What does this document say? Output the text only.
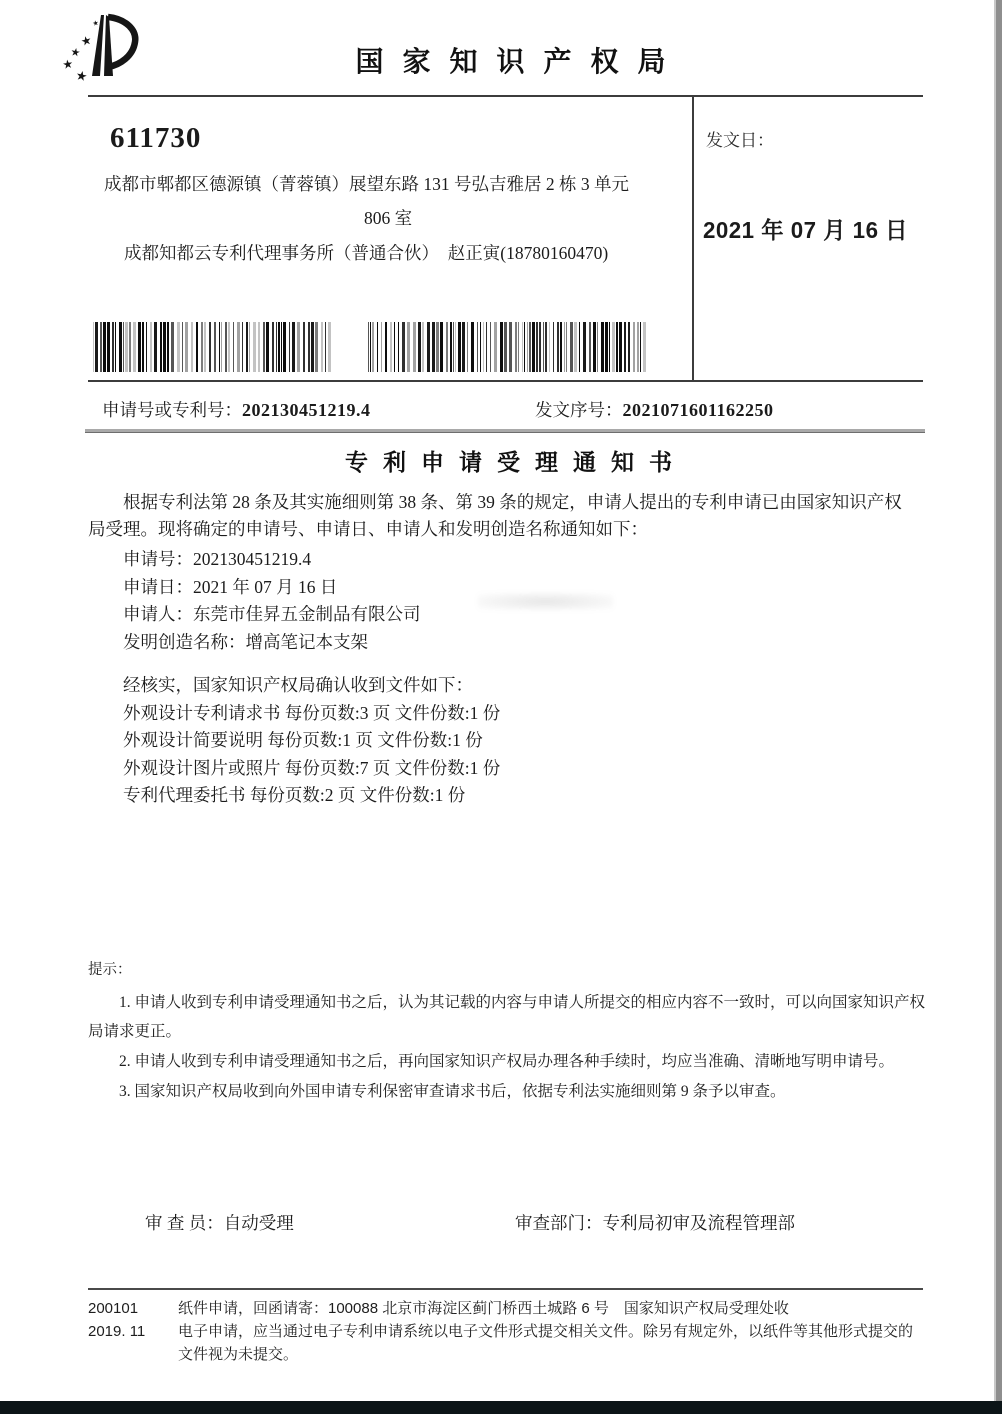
★
★
★
★
★	国家知识产权局
611730
成都市郫都区德源镇（菁蓉镇）展望东路 131 号弘吉雅居 2 栋 3 单元
806 室
成都知都云专利代理事务所（普通合伙）  赵正寅(18780160470)
发文日：
2021 年 07 月 16 日
申请号或专利号：202130451219.4	发文序号：2021071601162250
专利申请受理通知书
根据专利法第 28 条及其实施细则第 38 条、第 39 条的规定，申请人提出的专利申请已由国家知识产权局受理。现将确定的申请号、申请日、申请人和发明创造名称通知如下：
申请号：202130451219.4
申请日：2021 年 07 月 16 日
申请人：东莞市佳昇五金制品有限公司
发明创造名称：增高笔记本支架
经核实，国家知识产权局确认收到文件如下：
外观设计专利请求书 每份页数:3 页 文件份数:1 份
外观设计简要说明 每份页数:1 页 文件份数:1 份
外观设计图片或照片 每份页数:7 页 文件份数:1 份
专利代理委托书 每份页数:2 页 文件份数:1 份
提示：
1. 申请人收到专利申请受理通知书之后，认为其记载的内容与申请人所提交的相应内容不一致时，可以向国家知识产权局请求更正。
2. 申请人收到专利申请受理通知书之后，再向国家知识产权局办理各种手续时，均应当准确、清晰地写明申请号。
3. 国家知识产权局收到向外国申请专利保密审查请求书后，依据专利法实施细则第 9 条予以审查。
审 查 员：自动受理	审查部门：专利局初审及流程管理部
200101	纸件申请，回函请寄：100088 北京市海淀区蓟门桥西土城路 6 号　国家知识产权局受理处收
2019. 11	电子申请，应当通过电子专利申请系统以电子文件形式提交相关文件。除另有规定外，以纸件等其他形式提交的文件视为未提交。
